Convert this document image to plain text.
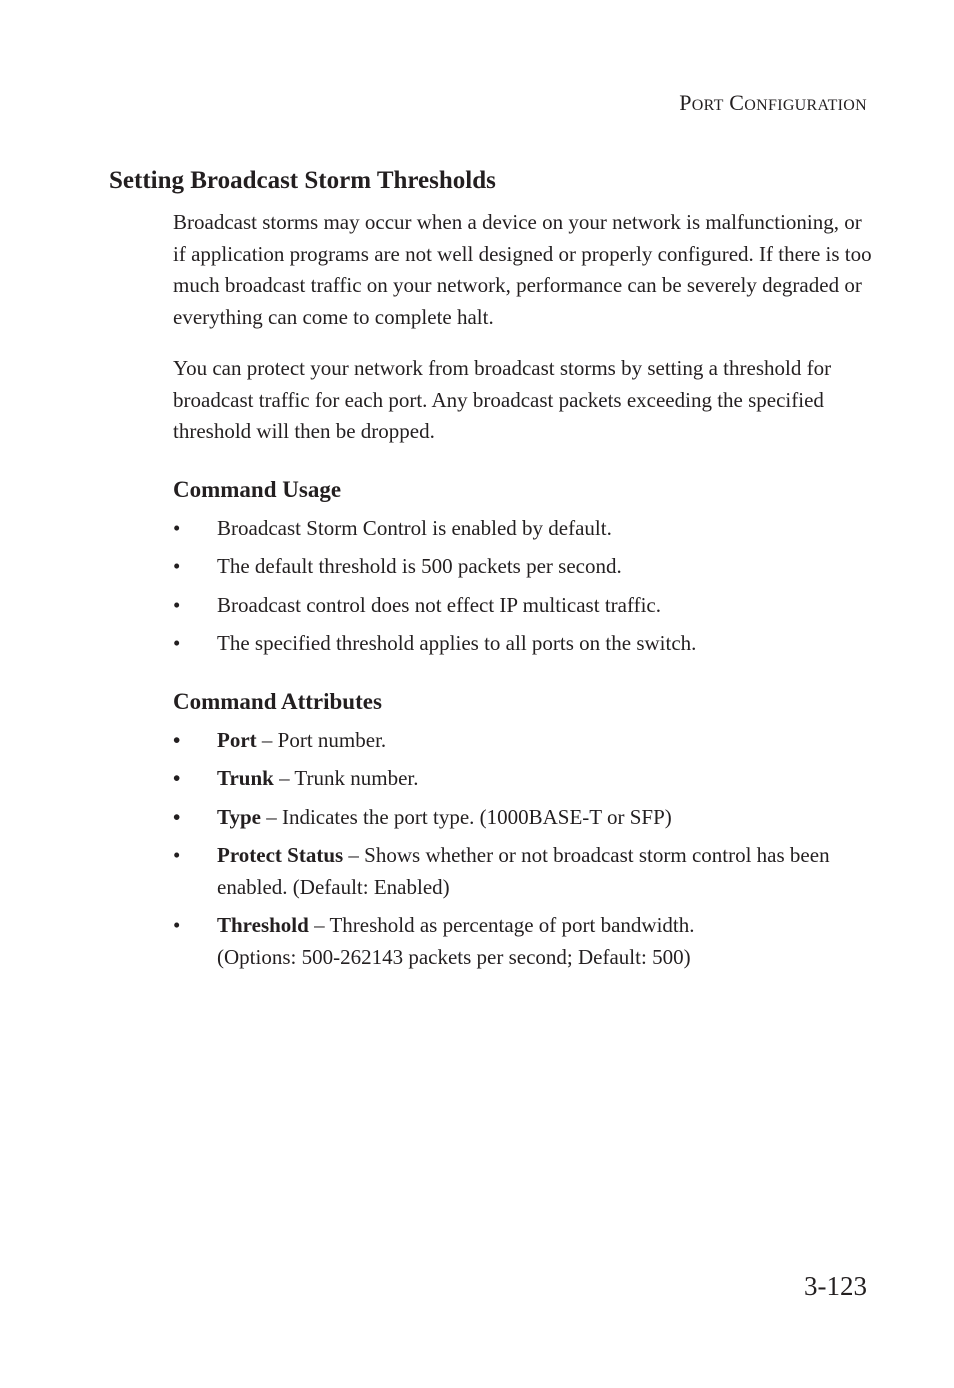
PORT CONFIGURATION
Setting Broadcast Storm Thresholds

Broadcast storms may occur when a device on your network is malfunctioning, or if application programs are not well designed or properly configured. If there is too much broadcast traffic on your network, performance can be severely degraded or everything can come to complete halt.

You can protect your network from broadcast storms by setting a threshold for broadcast traffic for each port. Any broadcast packets exceeding the specified threshold will then be dropped.

Command Usage
• Broadcast Storm Control is enabled by default.
• The default threshold is 500 packets per second.
• Broadcast control does not effect IP multicast traffic.
• The specified threshold applies to all ports on the switch.
Command Attributes
• Port – Port number.
• Trunk – Trunk number.
• Type – Indicates the port type. (1000BASE-T or SFP)
• Protect Status – Shows whether or not broadcast storm control has been enabled. (Default: Enabled)
• Threshold – Threshold as percentage of port bandwidth.
(Options: 500-262143 packets per second; Default: 500)
3-123
